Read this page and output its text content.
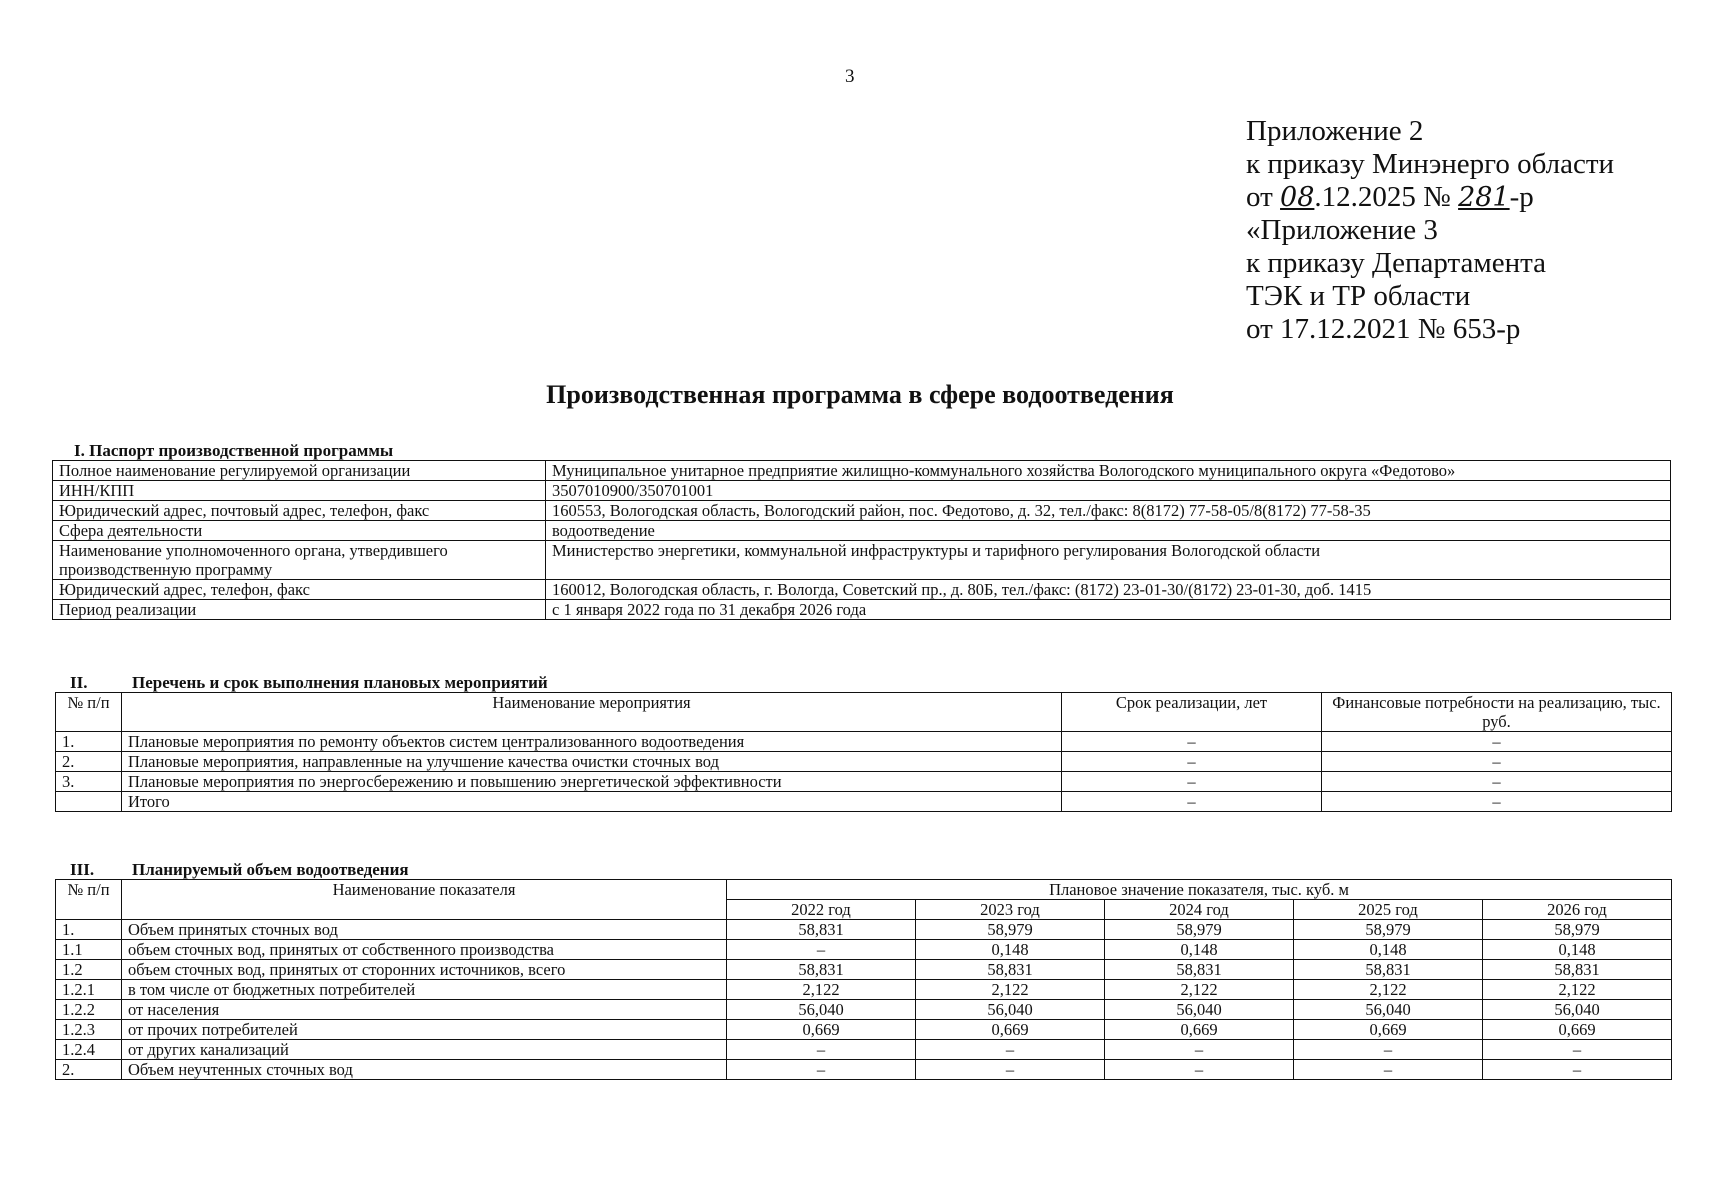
3
Приложение 2
к приказу Минэнерго области
от 08.12.2025 № 281-р
«Приложение 3
к приказу Департамента
ТЭК и ТР области
от 17.12.2021 № 653-р
Производственная программа в сфере водоотведения
I. Паспорт производственной программы
Полное наименование регулируемой организации	Муниципальное унитарное предприятие жилищно-коммунального хозяйства Вологодского муниципального округа «Федотово»
ИНН/КПП	3507010900/350701001
Юридический адрес, почтовый адрес, телефон, факс	160553, Вологодская область, Вологодский район, пос. Федотово, д. 32, тел./факс: 8(8172) 77-58-05/8(8172) 77-58-35
Сфера деятельности	водоотведение
Наименование уполномоченного органа, утвердившего производственную программу	Министерство энергетики, коммунальной инфраструктуры и тарифного регулирования Вологодской области
Юридический адрес, телефон, факс	160012, Вологодская область, г. Вологда, Советский пр., д. 80Б, тел./факс: (8172) 23-01-30/(8172) 23-01-30, доб. 1415
Период реализации	с 1 января 2022 года по 31 декабря 2026 года
II.	Перечень и срок выполнения плановых мероприятий
№ п/п	Наименование мероприятия	Срок реализации, лет	Финансовые потребности на реализацию, тыс. руб.
1.	Плановые мероприятия по ремонту объектов систем централизованного водоотведения	–	–
2.	Плановые мероприятия, направленные на улучшение качества очистки сточных вод	–	–
3.	Плановые мероприятия по энергосбережению и повышению энергетической эффективности	–	–
	Итого	–	–
III. Планируемый объем водоотведения
№ п/п	Наименование показателя	Плановое значение показателя, тыс. куб. м				
		2022 год	2023 год	2024 год	2025 год	2026 год
1.	Объем принятых сточных вод	58,831	58,979	58,979	58,979	58,979
1.1	объем сточных вод, принятых от собственного производства	–	0,148	0,148	0,148	0,148
1.2	объем сточных вод, принятых от сторонних источников, всего	58,831	58,831	58,831	58,831	58,831
1.2.1	в том числе от бюджетных потребителей	2,122	2,122	2,122	2,122	2,122
1.2.2	от населения	56,040	56,040	56,040	56,040	56,040
1.2.3	от прочих потребителей	0,669	0,669	0,669	0,669	0,669
1.2.4	от других канализаций	–	–	–	–	–
2.	Объем неучтенных сточных вод	–	–	–	–	–
